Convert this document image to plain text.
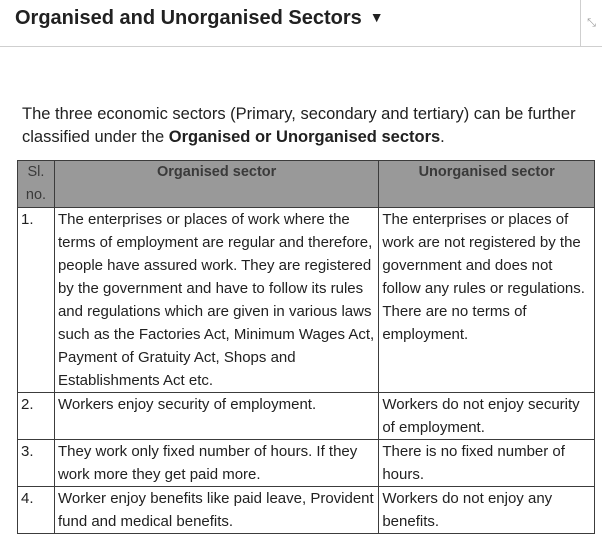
Organised and Unorganised Sectors ▼	⤡

The three economic sectors (Primary, secondary and tertiary) can be further classified under the Organised or Unorganised sectors.

Sl. no.	Organised sector	Unorganised sector
1.	The enterprises or places of work where the terms of employment are regular and therefore, people have assured work. They are registered by the government and have to follow its rules and regulations which are given in various laws such as the Factories Act, Minimum Wages Act, Payment of Gratuity Act, Shops and Establishments Act etc.	The enterprises or places of work are not registered by the government and does not follow any rules or regulations. There are no terms of employment.
2.	Workers enjoy security of employment.	Workers do not enjoy security of employment.
3.	They work only fixed number of hours. If they work more they get paid more.	There is no fixed number of hours.
4.	Worker enjoy benefits like paid leave, Provident fund and medical benefits.	Workers do not enjoy any benefits.
